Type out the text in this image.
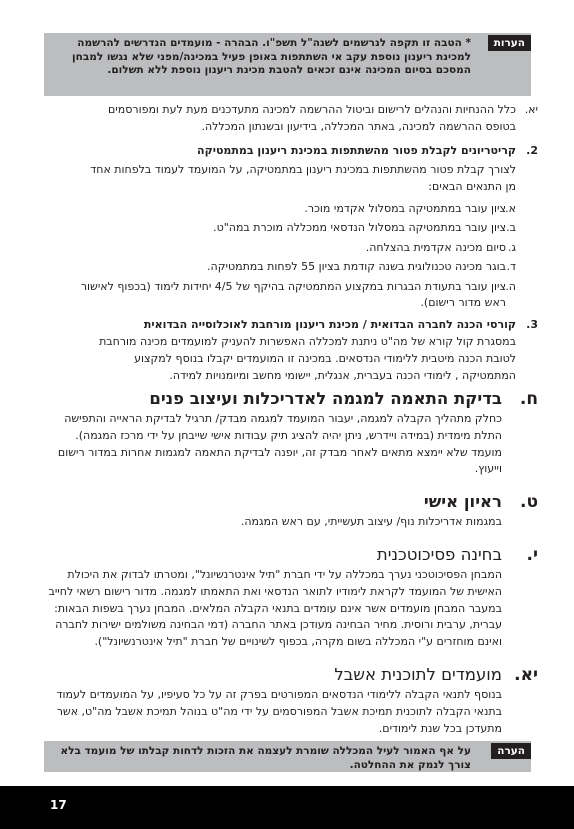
הערות

* הטבה זו תקפה לנרשמים לשנה"ל תשפ"ו. הבהרה - מועמדים הנדרשים להרשמה למכינת ריענון נוספת עקב אי השתתפות באופן פעיל במכינה/מפני שלא נגשו למבחן המסכם בסיום המכינה אינם זכאים להטבת מכינת ריענון נוספת ללא תשלום.

יא.

כלל ההנחיות והנהלים לרישום וביטול ההרשמה למכינה מתעדכנים מעת לעת ומפורסמים בטופס ההרשמה למכינה, באתר המכללה, בידיעון ובשנתון המכללה.

2.

קריטריונים לקבלת פטור מהשתתפות במכינת ריענון במתמטיקה

לצורך קבלת פטור מהשתתפות במכינת ריענון במתמטיקה, על המועמד לעמוד בלפחות אחד מן התנאים הבאים:

א.

ציון עובר במתמטיקה במסלול אקדמי מוכר.

ב.

ציון עובר במתמטיקה במסלול הנדסאי ממכללה מוכרת במה"ט.

ג.

סיום מכינה אקדמית בהצלחה.

ד.

בוגר מכינה טכנולוגית בשנה קודמת בציון 55 לפחות במתמטיקה.

ה.

ציון עובר בתעודת הבגרות במקצוע המתמטיקה בהיקף של 4/5 יחידות לימוד (בכפוף לאישור ראש מדור רישום).

3.

קורסי הכנה לחברה הבדואית / מכינת ריענון מורחבת לאוכלוסייה הבדואית

במסגרת קול קורא של מה"ט ניתנת למכללה האפשרות להעניק למועמדים מכינה מורחבת לטובת הכנה מיטבית ללימודי הנדסאים. במכינה זו המועמדים יקבלו בנוסף למקצוע המתמטיקה , לימודי הכנה בעברית, אנגלית, יישומי מחשב ומיומנויות למידה.

ח.

בדיקת התאמה למגמה לאדריכלות ועיצוב פנים

כחלק מתהליך הקבלה למגמה, יעבור המועמד למגמה מבדק/ תרגיל לבדיקת הראייה והתפישה התלת מימדית (במידה ויידרש, ניתן יהיה להציג תיק עבודות אישי שייבחן על ידי מרכז המגמה). מועמד שלא יימצא מתאים לאחר מבדק זה, יופנה לבדיקת התאמה למגמות אחרות במדור רישום וייעוץ.

ט.

ראיון אישי

במגמות אדריכלות נוף/ עיצוב תעשייתי, עם ראש המגמה.

י.

בחינה פסיכוטכנית

המבחן הפסיכוטכני נערך במכללה על ידי חברת "תיל אינטרנשיונל", ומטרתו לבדוק את היכולת האישית של המועמד לקראת לימודיו לתואר הנדסאי ואת התאמתו למגמה. מדור רישום רשאי לחייב במעבר המבחן מועמדים אשר אינם עומדים בתנאי הקבלה המלאים. המבחן נערך בשפות הבאות: עברית, ערבית ורוסית. מחיר הבחינה מעודכן באתר החברה (דמי הבחינה משולמים ישירות לחברה ואינם מוחזרים ע"י המכללה בשום מקרה, בכפוף לשינויים של חברת "תיל אינטרנשיונל").

יא.

מועמדים לתוכנית אשבל

בנוסף לתנאי הקבלה ללימודי הנדסאים המפורטים בפרק זה על כל סעיפיו, על המועמדים לעמוד בתנאי הקבלה לתוכנית תמיכת אשבל המפורסמים על ידי מה"ט בנוהל תמיכת אשבל מה"ט, אשר מתעדכן בכל שנת לימודים.

הערה

על אף האמור לעיל המכללה שומרת לעצמה את הזכות לדחות קבלתו של מועמד בלא צורך לנמק את ההחלטה.

17
